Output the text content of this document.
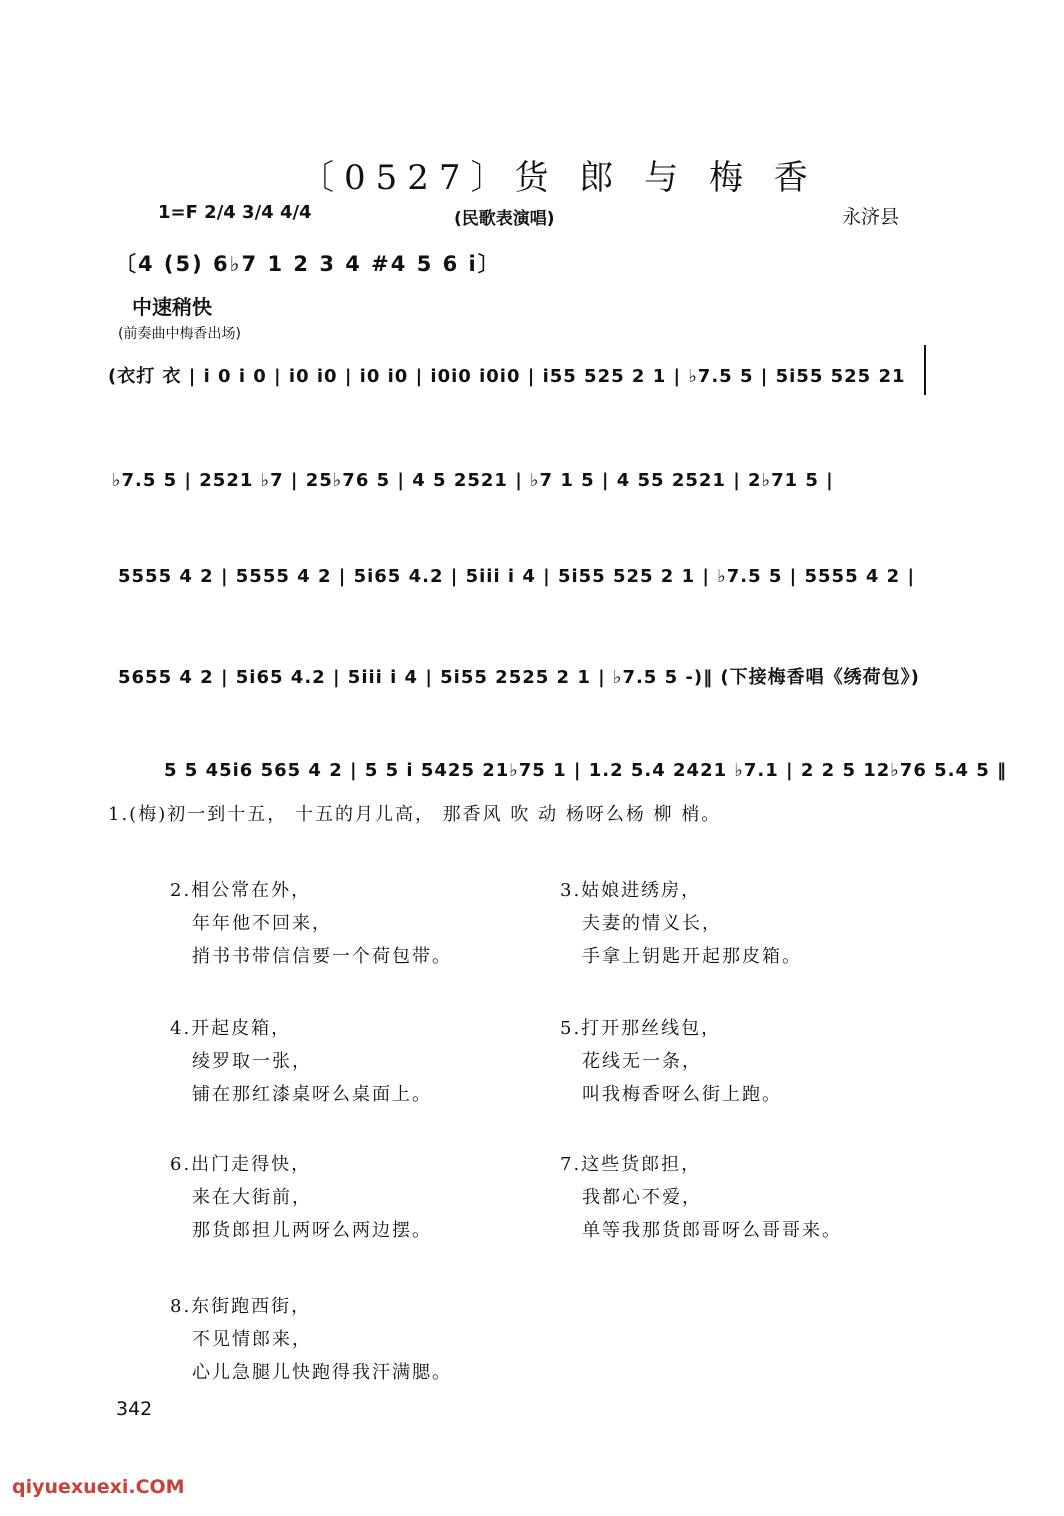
〔0527〕货 郎 与 梅 香
1=F 2/4 3/4 4/4	(民歌表演唱)	永济县
〔4 (5) 6♭7 1 2 3 4 #4 5 6 i〕
中速稍快
(前奏曲中梅香出场)
(衣打 衣 | i 0 i 0 | i0 i0 | i0 i0 | i0i0 i0i0 | i55 525 2 1 | ♭7.5 5 | 5i55 525 21
♭7.5 5 | 2521 ♭7 | 25♭76 5 | 4 5 2521 | ♭7 1 5 | 4 55 2521 | 2♭71 5 |
5555 4 2 | 5555 4 2 | 5i65 4.2 | 5iii i 4 | 5i55 525 2 1 | ♭7.5 5 | 5555 4 2 |
5655 4 2 | 5i65 4.2 | 5iii i 4 | 5i55 2525 2 1 | ♭7.5 5 -)‖ (下接梅香唱《绣荷包》)
5 5 45i6 565 4 2 | 5 5 i 5425 21♭75 1 | 1.2 5.4 2421 ♭7.1 | 2 2 5 12♭76 5.4 5 ‖
1.(梅)初一到十五， 十五的月儿高， 那香风 吹 动 杨呀么杨 柳 梢。
2.相公常在外，
年年他不回来，
捎书书带信信要一个荷包带。
3.姑娘进绣房，
夫妻的情义长，
手拿上钥匙开起那皮箱。
4.开起皮箱，
绫罗取一张，
铺在那红漆桌呀么桌面上。
5.打开那丝线包，
花线无一条，
叫我梅香呀么街上跑。
6.出门走得快，
来在大街前，
那货郎担儿两呀么两边摆。
7.这些货郎担，
我都心不爱，
单等我那货郎哥呀么哥哥来。
8.东街跑西街，
不见情郎来，
心儿急腿儿快跑得我汗满腮。
342
qiyuexuexi.COM
